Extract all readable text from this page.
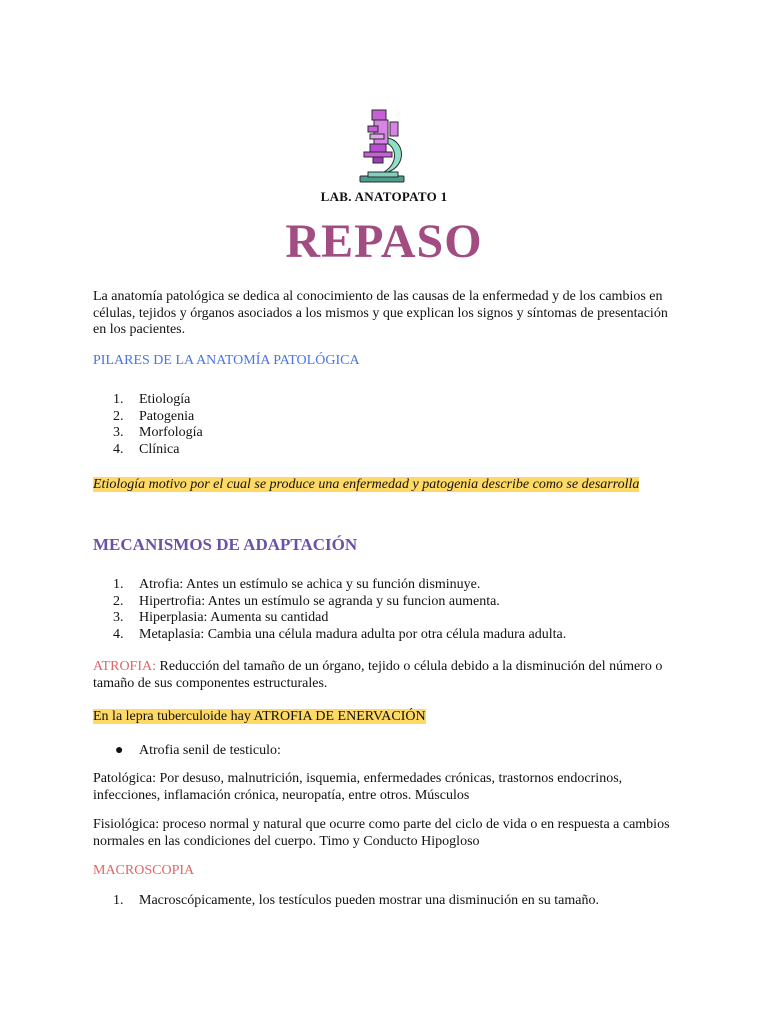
LAB. ANATOPATO 1
REPASO
La anatomía patológica se dedica al conocimiento de las causas de la enfermedad y de los cambios en células, tejidos y órganos asociados a los mismos y que explican los signos y síntomas de presentación en los pacientes.
PILARES DE LA ANATOMÍA PATOLÓGICA
1.	Etiología
2.	Patogenia
3.	Morfología
4.	Clínica
Etiología motivo por el cual se produce una enfermedad y patogenia describe como se desarrolla
MECANISMOS DE ADAPTACIÓN
1.	Atrofia: Antes un estímulo se achica y su función disminuye.
2.	Hipertrofia: Antes un estímulo se agranda y su funcion aumenta.
3.	Hiperplasia: Aumenta su cantidad
4.	Metaplasia: Cambia una célula madura adulta por otra célula madura adulta.
ATROFIA: Reducción del tamaño de un órgano, tejido o célula debido a la disminución del número o tamaño de sus componentes estructurales.
En la lepra tuberculoide hay ATROFIA DE ENERVACIÓN
● Atrofia senil de testiculo:
Patológica: Por desuso, malnutrición, isquemia, enfermedades crónicas, trastornos endocrinos, infecciones, inflamación crónica, neuropatía, entre otros. Músculos
Fisiológica: proceso normal y natural que ocurre como parte del ciclo de vida o en respuesta a cambios normales en las condiciones del cuerpo. Timo y Conducto Hipogloso
MACROSCOPIA
1.	Macroscópicamente, los testículos pueden mostrar una disminución en su tamaño.
